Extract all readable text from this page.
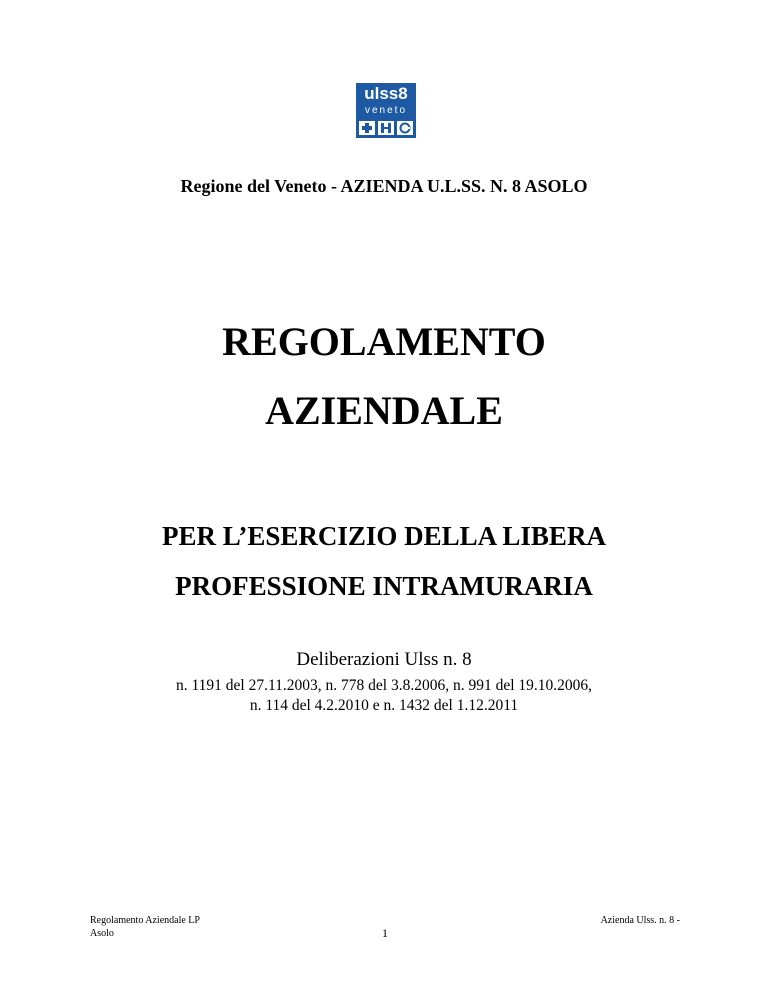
ulss8
veneto
Regione del Veneto - AZIENDA U.L.SS. N. 8 ASOLO
REGOLAMENTO
AZIENDALE
PER L’ESERCIZIO DELLA LIBERA
PROFESSIONE INTRAMURARIA
Deliberazioni Ulss n. 8
n. 1191 del 27.11.2003, n. 778 del 3.8.2006, n. 991 del 19.10.2006,
n. 114 del 4.2.2010 e n. 1432 del 1.12.2011
Regolamento Aziendale LP
Asolo	1
Azienda Ulss. n. 8 -
